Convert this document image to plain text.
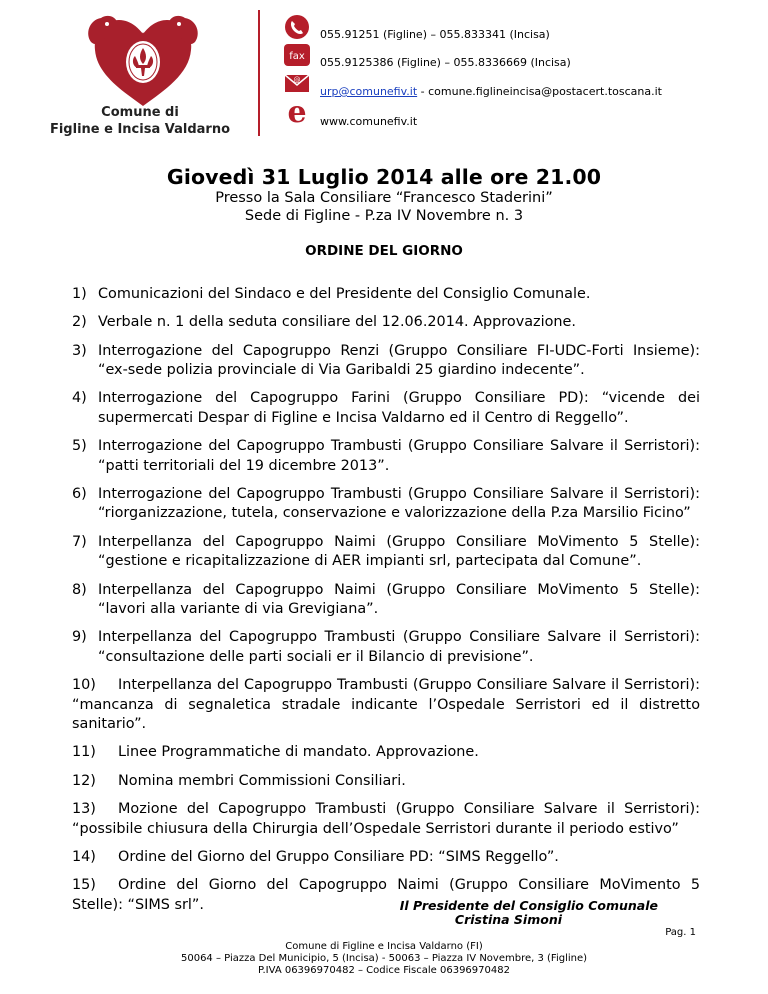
Comune di
Figline e Incisa Valdarno
fax
@
e
055.91251 (Figline) – 055.833341 (Incisa)
055.9125386 (Figline) – 055.8336669 (Incisa)
urp@comunefiv.it - comune.figlineincisa@postacert.toscana.it
www.comunefiv.it
Giovedì 31 Luglio 2014 alle ore 21.00
Presso la Sala Consiliare “Francesco Staderini”
Sede di Figline - P.za IV Novembre n. 3
ORDINE DEL GIORNO
1) Comunicazioni del Sindaco e del Presidente del Consiglio Comunale.
2) Verbale n. 1 della seduta consiliare del 12.06.2014. Approvazione.
3) Interrogazione del Capogruppo Renzi (Gruppo Consiliare FI-UDC-Forti Insieme): “ex-sede polizia provinciale di Via Garibaldi 25 giardino indecente”.
4) Interrogazione del Capogruppo Farini (Gruppo Consiliare PD): “vicende dei supermercati Despar di Figline e Incisa Valdarno ed il Centro di Reggello”.
5) Interrogazione del Capogruppo Trambusti (Gruppo Consiliare Salvare il Serristori): “patti territoriali del 19 dicembre 2013”.
6) Interrogazione del Capogruppo Trambusti (Gruppo Consiliare Salvare il Serristori): “riorganizzazione, tutela, conservazione e valorizzazione della P.za Marsilio Ficino”
7) Interpellanza del Capogruppo Naimi (Gruppo Consiliare MoVimento 5 Stelle): “gestione e ricapitalizzazione di AER impianti srl, partecipata dal Comune”.
8) Interpellanza del Capogruppo Naimi (Gruppo Consiliare MoVimento 5 Stelle): “lavori alla variante di via Grevigiana”.
9) Interpellanza del Capogruppo Trambusti (Gruppo Consiliare Salvare il Serristori): “consultazione delle parti sociali er il Bilancio di previsione”.
10) Interpellanza del Capogruppo Trambusti (Gruppo Consiliare Salvare il Serristori): “mancanza di segnaletica stradale indicante l’Ospedale Serristori ed il distretto sanitario”.
11) Linee Programmatiche di mandato. Approvazione.
12) Nomina membri Commissioni Consiliari.
13) Mozione del Capogruppo Trambusti (Gruppo Consiliare Salvare il Serristori): “possibile chiusura della Chirurgia dell’Ospedale Serristori durante il periodo estivo”
14) Ordine del Giorno del Gruppo Consiliare PD: “SIMS Reggello”.
15) Ordine del Giorno del Capogruppo Naimi (Gruppo Consiliare MoVimento 5 Stelle): “SIMS srl”.	Il Presidente del Consiglio Comunale
Cristina Simoni
Pag. 1
Comune di Figline e Incisa Valdarno (FI)
50064 – Piazza Del Municipio, 5 (Incisa) - 50063 – Piazza IV Novembre, 3 (Figline)
P.IVA 06396970482 – Codice Fiscale 06396970482
